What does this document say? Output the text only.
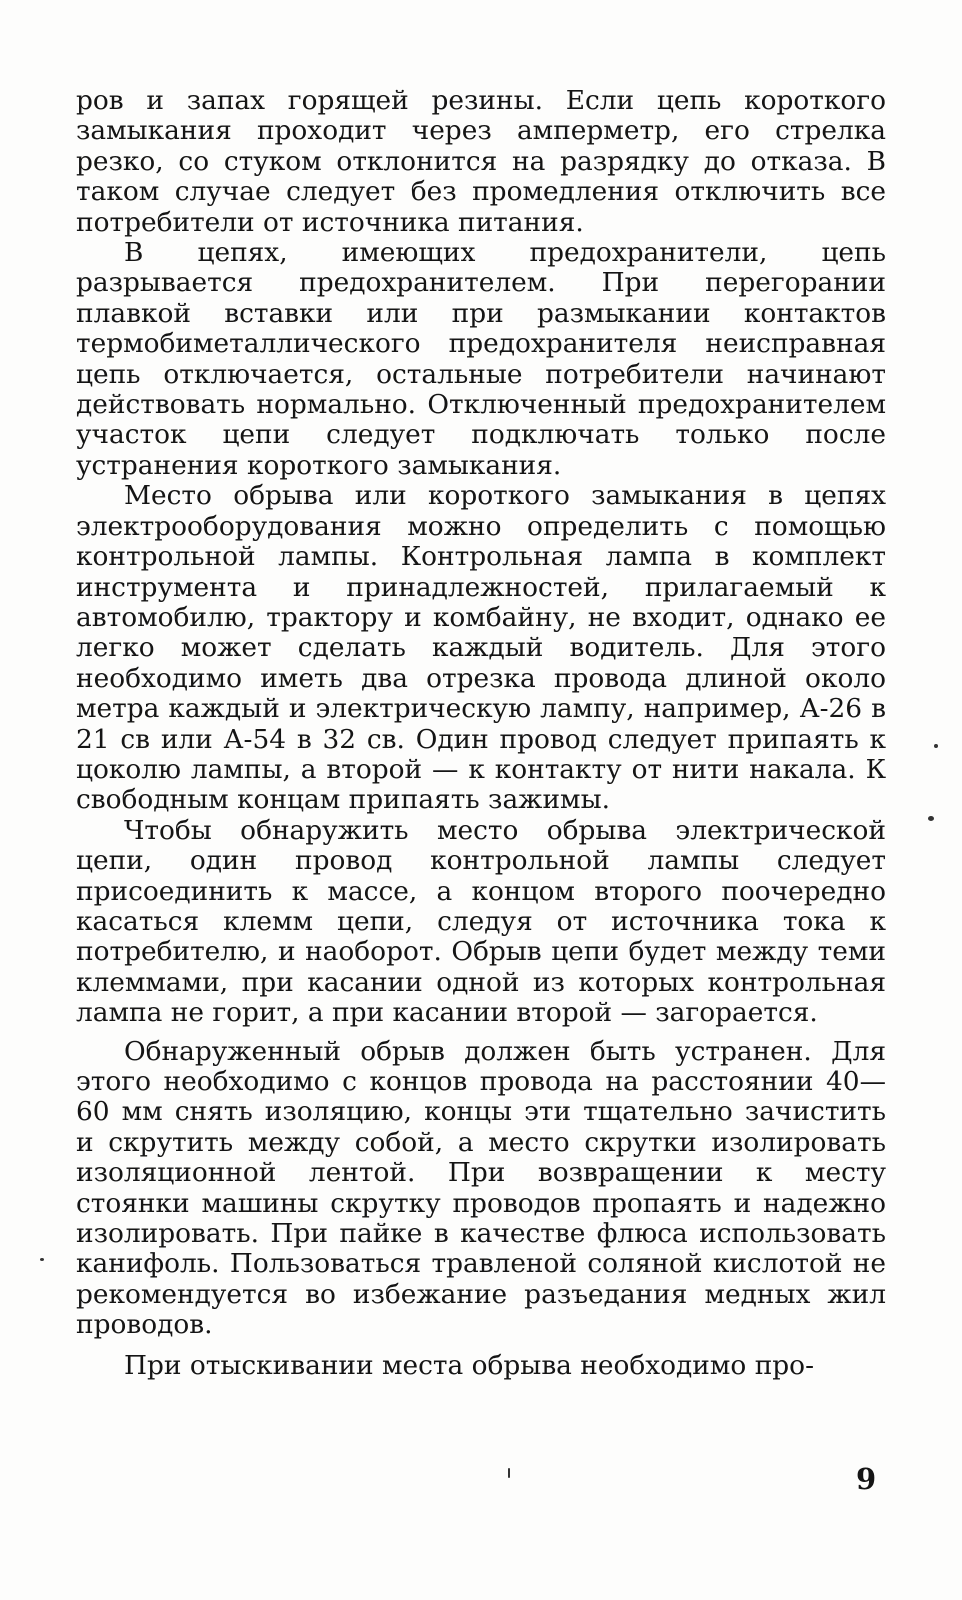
ров и запах горящей резины. Если цепь короткого замыкания проходит через амперметр, его стрелка резко, со стуком отклонится на разрядку до отказа. В таком случае следует без промедления отключить все потребители от источника питания.

В цепях, имеющих предохранители, цепь разрывается предохранителем. При перегорании плавкой вставки или при размыкании контактов термобиметаллического предохранителя неисправная цепь отключается, остальные потребители начинают действовать нормально. Отключенный предохранителем участок цепи следует подключать только после устранения короткого замыкания.

Место обрыва или короткого замыкания в цепях электрооборудования можно определить с помощью контрольной лампы. Контрольная лампа в комплект инструмента и принадлежностей, прилагаемый к автомобилю, трактору и комбайну, не входит, однако ее легко может сделать каждый водитель. Для этого необходимо иметь два отрезка провода длиной около метра каждый и электрическую лампу, например, А-26 в 21 св или А-54 в 32 св. Один провод следует припаять к цоколю лампы, а второй — к контакту от нити накала. К свободным концам припаять зажимы.

Чтобы обнаружить место обрыва электрической цепи, один провод контрольной лампы следует присоединить к массе, а концом второго поочередно касаться клемм цепи, следуя от источника тока к потребителю, и наоборот. Обрыв цепи будет между теми клеммами, при касании одной из которых контрольная лампа не горит, а при касании второй — загорается.

Обнаруженный обрыв должен быть устранен. Для этого необходимо с концов провода на расстоянии 40—60 мм снять изоляцию, концы эти тщательно зачистить и скрутить между собой, а место скрутки изолировать изоляционной лентой. При возвращении к месту стоянки машины скрутку проводов пропаять и надежно изолировать. При пайке в качестве флюса использовать канифоль. Пользоваться травленой соляной кислотой не рекомендуется во избежание разъедания медных жил проводов.

При отыскивании места обрыва необходимо про-

9
